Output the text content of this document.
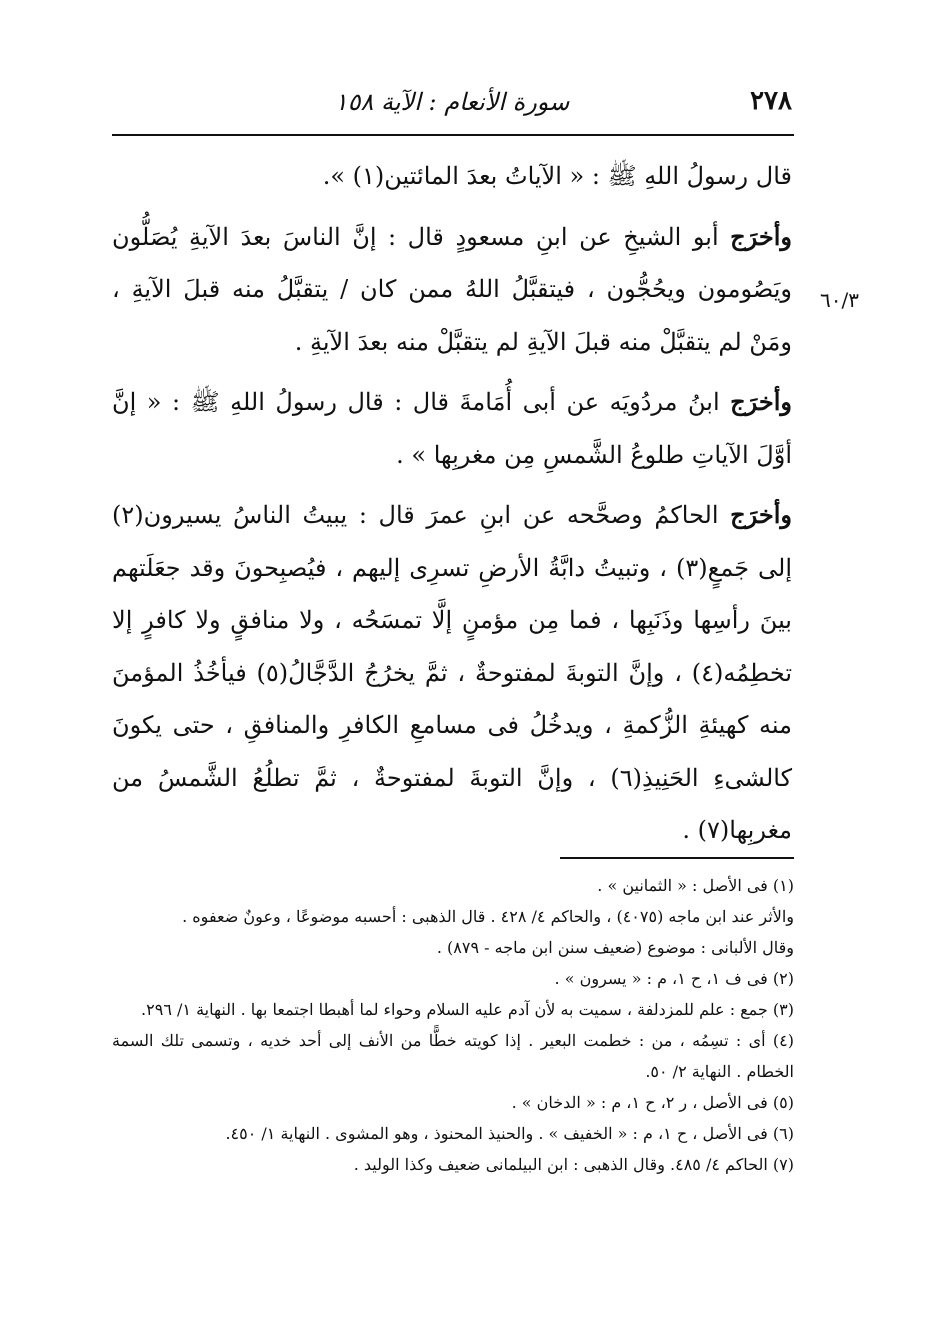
٢٧٨
سورة الأنعام : الآية ١٥٨
٦٠/٣

قال رسولُ اللهِ ﷺ : « الآياتُ بعدَ المائتين(١) ».

وأخرَج أبو الشيخِ عن ابنِ مسعودٍ قال : إنَّ الناسَ بعدَ الآيةِ يُصَلُّون ويَصُومون ويحُجُّون ، فيتقبَّلُ اللهُ ممن كان / يتقبَّلُ منه قبلَ الآيةِ ، ومَنْ لم يتقبَّلْ منه قبلَ الآيةِ لم يتقبَّلْ منه بعدَ الآيةِ .

وأخرَج ابنُ مردُويَه عن أبى أُمَامةَ قال : قال رسولُ اللهِ ﷺ : « إنَّ أوَّلَ الآياتِ طلوعُ الشَّمسِ مِن مغربِها » .

وأخرَج الحاكمُ وصحَّحه عن ابنِ عمرَ قال : يبيتُ الناسُ يسيرون(٢) إلى جَمعٍ(٣) ، وتبيتُ دابَّةُ الأرضِ تسرِى إليهم ، فيُصبِحونَ وقد جعَلَتهم بينَ رأسِها وذَنَبِها ، فما مِن مؤمنٍ إلَّا تمسَحُه ، ولا منافقٍ ولا كافرٍ إلا تخطِمُه(٤) ، وإنَّ التوبةَ لمفتوحةٌ ، ثمَّ يخرُجُ الدَّجَّالُ(٥) فيأخُذُ المؤمنَ منه كهيئةِ الزُّكمةِ ، ويدخُلُ فى مسامعِ الكافرِ والمنافقِ ، حتى يكونَ كالشىءِ الحَنِيذِ(٦) ، وإنَّ التوبةَ لمفتوحةٌ ، ثمَّ تطلُعُ الشَّمسُ من مغربِها(٧) .

(١) فى الأصل : « الثمانين » .

والأثر عند ابن ماجه (٤٠٧٥) ، والحاكم ٤/ ٤٢٨ . قال الذهبى : أحسبه موضوعًا ، وعونٌ ضعفوه .

وقال الألبانى : موضوع (ضعيف سنن ابن ماجه - ٨٧٩) .

(٢) فى ف ١، ح ١، م : « يسرون » .

(٣) جمع : علم للمزدلفة ، سميت به لأن آدم عليه السلام وحواء لما أهبطا اجتمعا بها . النهاية ١/ ٢٩٦.

(٤) أى : تسِمُه ، من : خطمت البعير . إذا كويته خطًّا من الأنف إلى أحد خديه ، وتسمى تلك السمة الخطام . النهاية ٢/ ٥٠.

(٥) فى الأصل ، ر ٢، ح ١، م : « الدخان » .

(٦) فى الأصل ، ح ١، م : « الخفيف » . والحنيذ المحنوذ ، وهو المشوى . النهاية ١/ ٤٥٠.

(٧) الحاكم ٤/ ٤٨٥. وقال الذهبى : ابن البيلمانى ضعيف وكذا الوليد .
